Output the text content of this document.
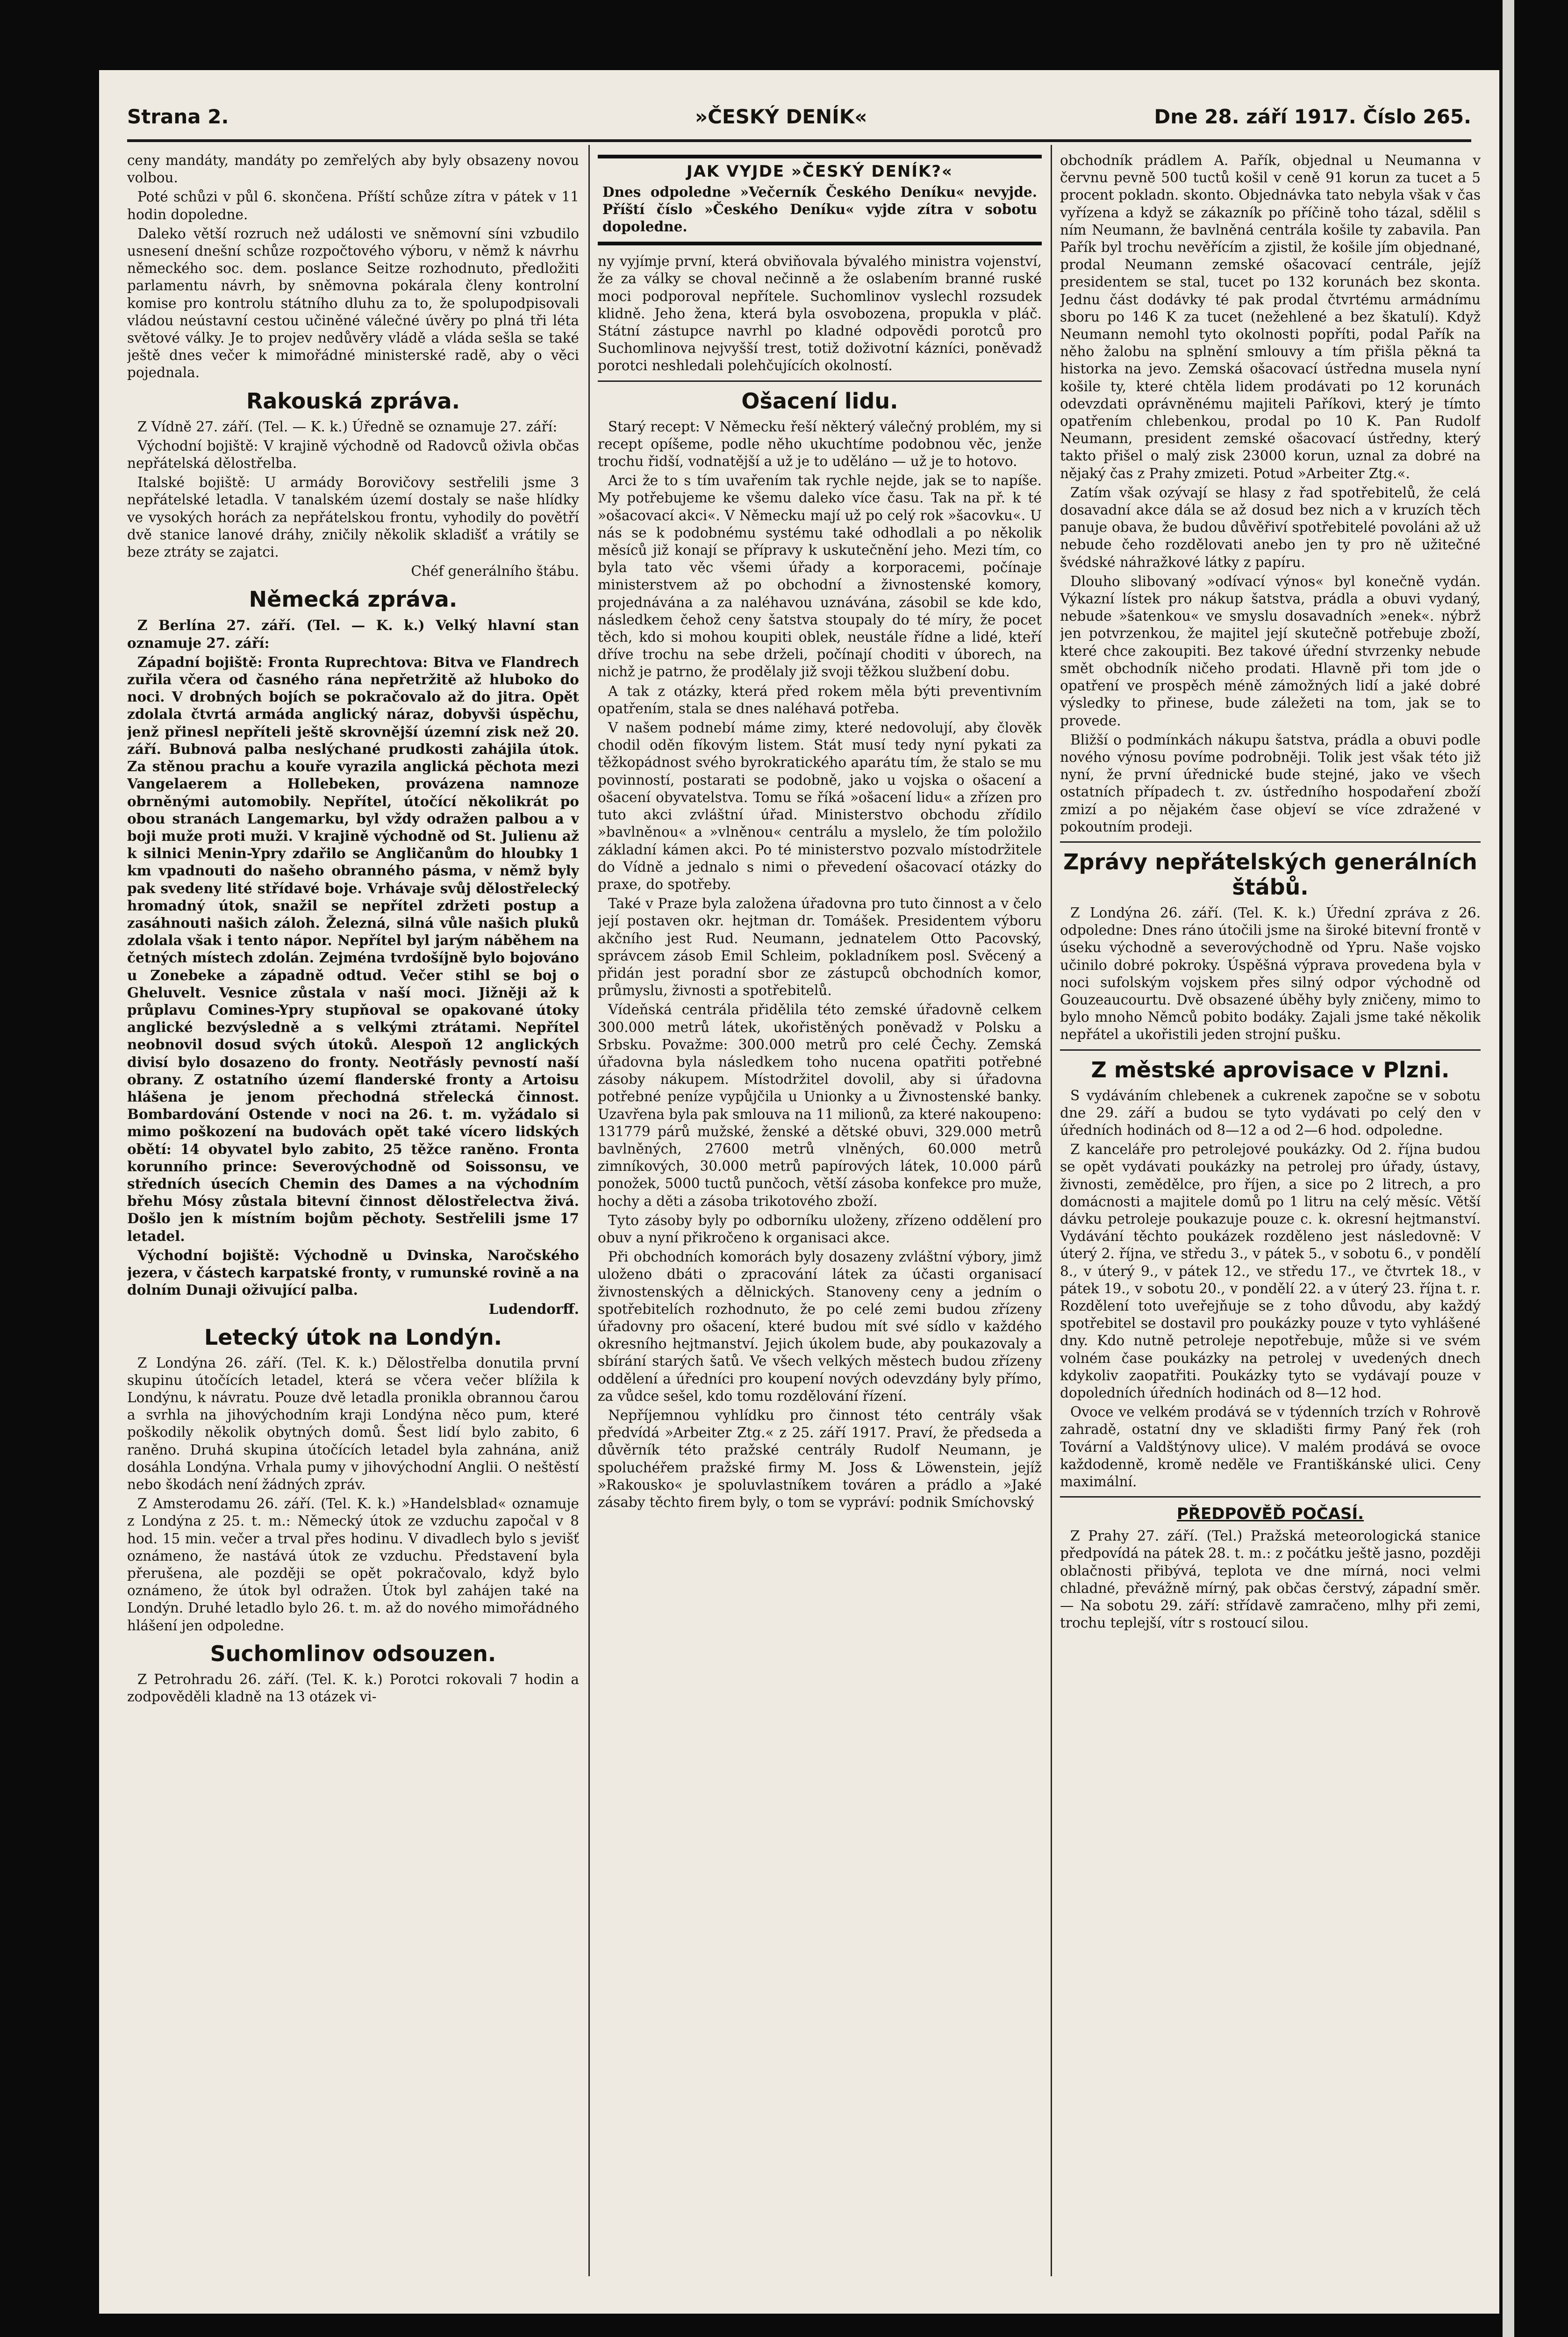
Strana 2.	»ČESKÝ DENÍK«	Dne 28. září 1917. Číslo 265.

ceny mandáty, mandáty po zemřelých aby byly obsazeny novou volbou.

Poté schůzi v půl 6. skončena. Příští schůze zítra v pátek v 11 hodin dopoledne.

Daleko větší rozruch než události ve sněmovní síni vzbudilo usnesení dnešní schůze rozpočtového výboru, v němž k návrhu německého soc. dem. poslance Seitze rozhodnuto, předložiti parlamentu návrh, by sněmovna pokárala členy kontrolní komise pro kontrolu státního dluhu za to, že spolupodpisovali vládou neústavní cestou učiněné válečné úvěry po plná tři léta světové války. Je to projev nedůvěry vládě a vláda sešla se také ještě dnes večer k mimořádné ministerské radě, aby o věci pojednala.

Rakouská zpráva.

Z Vídně 27. září. (Tel. — K. k.) Úředně se oznamuje 27. září:

Východní bojiště: V krajině východně od Radovců oživla občas nepřátelská dělostřelba.

Italské bojiště: U armády Borovičovy sestřelili jsme 3 nepřátelské letadla. V tanalském území dostaly se naše hlídky ve vysokých horách za nepřátelskou frontu, vyhodily do povětří dvě stanice lanové dráhy, zničily několik skladišť a vrátily se beze ztráty se zajatci.

Chéf generálního štábu.

Německá zpráva.

Z Berlína 27. září. (Tel. — K. k.) Velký hlavní stan oznamuje 27. září:

Západní bojiště: Fronta Ruprechtova: Bitva ve Flandrech zuřila včera od časného rána nepřetržitě až hluboko do noci. V drobných bojích se pokračovalo až do jitra. Opět zdolala čtvrtá armáda anglický náraz, dobyvši úspěchu, jenž přinesl nepříteli ještě skrovnější územní zisk než 20. září. Bubnová palba neslýchané prudkosti zahájila útok. Za stěnou prachu a kouře vyrazila anglická pěchota mezi Vangelaerem a Hollebeken, provázena namnoze obrněnými automobily. Nepřítel, útočící několikrát po obou stranách Langemarku, byl vždy odražen palbou a v boji muže proti muži. V krajině východně od St. Julienu až k silnici Menin-Ypry zdařilo se Angličanům do hloubky 1 km vpadnouti do našeho obranného pásma, v němž byly pak svedeny lité střídavé boje. Vrhávaje svůj dělostřelecký hromadný útok, snažil se nepřítel zdržeti postup a zasáhnouti našich záloh. Železná, silná vůle našich pluků zdolala však i tento nápor. Nepřítel byl jarým náběhem na četných místech zdolán. Zejména tvrdošíjně bylo bojováno u Zonebeke a západně odtud. Večer stihl se boj o Gheluvelt. Vesnice zůstala v naší moci. Jižněji až k průplavu Comines-Ypry stupňoval se opakované útoky anglické bezvýsledně a s velkými ztrátami. Nepřítel neobnovil dosud svých útoků. Alespoň 12 anglických divisí bylo dosazeno do fronty. Neotřásly pevností naší obrany. Z ostatního území flanderské fronty a Artoisu hlášena je jenom přechodná střelecká činnost. Bombardování Ostende v noci na 26. t. m. vyžádalo si mimo poškození na budovách opět také vícero lidských obětí: 14 obyvatel bylo zabito, 25 těžce raněno. Fronta korunního prince: Severovýchodně od Soissonsu, ve středních úsecích Chemin des Dames a na východním břehu Mósy zůstala bitevní činnost dělostřelectva živá. Došlo jen k místním bojům pěchoty. Sestřelili jsme 17 letadel.

Východní bojiště: Východně u Dvinska, Naročského jezera, v částech karpatské fronty, v rumunské rovině a na dolním Dunaji oživující palba.

Ludendorff.

Letecký útok na Londýn.

Z Londýna 26. září. (Tel. K. k.) Dělostřelba donutila první skupinu útočících letadel, která se včera večer blížila k Londýnu, k návratu. Pouze dvě letadla pronikla obrannou čarou a svrhla na jihovýchodním kraji Londýna něco pum, které poškodily několik obytných domů. Šest lidí bylo zabito, 6 raněno. Druhá skupina útočících letadel byla zahnána, aniž dosáhla Londýna. Vrhala pumy v jihovýchodní Anglii. O neštěstí nebo škodách není žádných zpráv.

Z Amsterodamu 26. září. (Tel. K. k.) »Handelsblad« oznamuje z Londýna z 25. t. m.: Německý útok ze vzduchu započal v 8 hod. 15 min. večer a trval přes hodinu. V divadlech bylo s jevišť oznámeno, že nastává útok ze vzduchu. Představení byla přerušena, ale později se opět pokračovalo, když bylo oznámeno, že útok byl odražen. Útok byl zahájen také na Londýn. Druhé letadlo bylo 26. t. m. až do nového mimořádného hlášení jen odpoledne.

Suchomlinov odsouzen.

Z Petrohradu 26. září. (Tel. K. k.) Porotci rokovali 7 hodin a zodpověděli kladně na 13 otázek vi-

JAK VYJDE »ČESKÝ DENÍK?«
Dnes odpoledne »Večerník Českého Deníku« nevyjde. Příští číslo »Českého Deníku« vyjde zítra v sobotu dopoledne.

ny vyjímje první, která obviňovala bývalého ministra vojenství, že za války se choval nečinně a že oslabením branné ruské moci podporoval nepřítele. Suchomlinov vyslechl rozsudek klidně. Jeho žena, která byla osvobozena, propukla v pláč. Státní zástupce navrhl po kladné odpovědi porotců pro Suchomlinova nejvyšší trest, totiž doživotní kázníci, poněvadž porotci neshledali polehčujících okolností.

Ošacení lidu.

Starý recept: V Německu řeší některý válečný problém, my si recept opíšeme, podle něho ukuchtíme podobnou věc, jenže trochu řidší, vodnatější a už je to uděláno — už je to hotovo.

Arci že to s tím uvařením tak rychle nejde, jak se to napíše. My potřebujeme ke všemu daleko více času. Tak na př. k té »ošacovací akci«. V Německu mají už po celý rok »šacovku«. U nás se k podobnému systému také odhodlali a po několik měsíců již konají se přípravy k uskutečnění jeho. Mezi tím, co byla tato věc všemi úřady a korporacemi, počínaje ministerstvem až po obchodní a živnostenské komory, projednávána a za naléhavou uznávána, zásobil se kde kdo, následkem čehož ceny šatstva stoupaly do té míry, že pocet těch, kdo si mohou koupiti oblek, neustále řídne a lidé, kteří dříve trochu na sebe drželi, počínají choditi v úborech, na nichž je patrno, že prodělaly již svoji těžkou službení dobu.

A tak z otázky, která před rokem měla býti preventivním opatřením, stala se dnes naléhavá potřeba.

V našem podnebí máme zimy, které nedovolují, aby člověk chodil oděn fíkovým listem. Stát musí tedy nyní pykati za těžkopádnost svého byrokratického aparátu tím, že stalo se mu povinností, postarati se podobně, jako u vojska o ošacení a ošacení obyvatelstva. Tomu se říká »ošacení lidu« a zřízen pro tuto akci zvláštní úřad. Ministerstvo obchodu zřídilo »bavlněnou« a »vlněnou« centrálu a myslelo, že tím položilo základní kámen akci. Po té ministerstvo pozvalo místodržitele do Vídně a jednalo s nimi o převedení ošacovací otázky do praxe, do spotřeby.

Také v Praze byla založena úřadovna pro tuto činnost a v čelo její postaven okr. hejtman dr. Tomášek. Presidentem výboru akčního jest Rud. Neumann, jednatelem Otto Pacovský, správcem zásob Emil Schleim, pokladníkem posl. Svěcený a přidán jest poradní sbor ze zástupců obchodních komor, průmyslu, živnosti a spotřebitelů.

Vídeňská centrála přidělila této zemské úřadovně celkem 300.000 metrů látek, ukořistěných poněvadž v Polsku a Srbsku. Považme: 300.000 metrů pro celé Čechy. Zemská úřadovna byla následkem toho nucena opatřiti potřebné zásoby nákupem. Místodržitel dovolil, aby si úřadovna potřebné peníze vypůjčila u Unionky a u Živnostenské banky. Uzavřena byla pak smlouva na 11 milionů, za které nakoupeno: 131779 párů mužské, ženské a dětské obuvi, 329.000 metrů bavlněných, 27600 metrů vlněných, 60.000 metrů zimníkových, 30.000 metrů papírových látek, 10.000 párů ponožek, 5000 tuctů punčoch, větší zásoba konfekce pro muže, hochy a děti a zásoba trikotového zboží.

Tyto zásoby byly po odborníku uloženy, zřízeno oddělení pro obuv a nyní přikročeno k organisaci akce.

Při obchodních komorách byly dosazeny zvláštní výbory, jimž uloženo dbáti o zpracování látek za účasti organisací živnostenských a dělnických. Stanoveny ceny a jedním o spotřebitelích rozhodnuto, že po celé zemi budou zřízeny úřadovny pro ošacení, které budou mít své sídlo v každého okresního hejtmanství. Jejich úkolem bude, aby poukazovaly a sbírání starých šatů. Ve všech velkých městech budou zřízeny oddělení a úředníci pro koupení nových odevzdány byly přímo, za vůdce sešel, kdo tomu rozdělování řízení.

Nepříjemnou vyhlídku pro činnost této centrály však předvídá »Arbeiter Ztg.« z 25. září 1917. Praví, že předseda a důvěrník této pražské centrály Rudolf Neumann, je spoluchéřem pražské firmy M. Joss & Löwenstein, jejíž »Rakousko« je spoluvlastníkem továren a prádlo a »Jaké zásaby těchto firem byly, o tom se vypráví: podnik Smíchovský

obchodník prádlem A. Pařík, objednal u Neumanna v červnu pevně 500 tuctů košil v ceně 91 korun za tucet a 5 procent pokladn. skonto. Objednávka tato nebyla však v čas vyřízena a když se zákazník po příčině toho tázal, sdělil s ním Neumann, že bavlněná centrála košile ty zabavila. Pan Pařík byl trochu nevěřícím a zjistil, že košile jím objednané, prodal Neumann zemské ošacovací centrále, jejíž presidentem se stal, tucet po 132 korunách bez skonta. Jednu část dodávky té pak prodal čtvrtému armádnímu sboru po 146 K za tucet (nežehlené a bez škatulí). Když Neumann nemohl tyto okolnosti popříti, podal Pařík na něho žalobu na splnění smlouvy a tím přišla pěkná ta historka na jevo. Zemská ošacovací ústředna musela nyní košile ty, které chtěla lidem prodávati po 12 korunách odevzdati oprávněnému majiteli Paříkovi, který je tímto opatřením chlebenkou, prodal po 10 K. Pan Rudolf Neumann, president zemské ošacovací ústředny, který takto přišel o malý zisk 23000 korun, uznal za dobré na nějaký čas z Prahy zmizeti. Potud »Arbeiter Ztg.«.

Zatím však ozývají se hlasy z řad spotřebitelů, že celá dosavadní akce dála se až dosud bez nich a v kruzích těch panuje obava, že budou důvěřiví spotřebitelé povoláni až už nebude čeho rozdělovati anebo jen ty pro ně užitečné švédské náhražkové látky z papíru.

Dlouho slibovaný »odívací výnos« byl konečně vydán. Výkazní lístek pro nákup šatstva, prádla a obuvi vydaný, nebude »šatenkou« ve smyslu dosavadních »enek«. nýbrž jen potvrzenkou, že majitel její skutečně potřebuje zboží, které chce zakoupiti. Bez takové úřední stvrzenky nebude smět obchodník ničeho prodati. Hlavně při tom jde o opatření ve prospěch méně zámožných lidí a jaké dobré výsledky to přinese, bude záležeti na tom, jak se to provede.

Bližší o podmínkách nákupu šatstva, prádla a obuvi podle nového výnosu povíme podrobněji. Tolik jest však této již nyní, že první úřednické bude stejné, jako ve všech ostatních případech t. zv. ústředního hospodaření zboží zmizí a po nějakém čase objeví se více zdražené v pokoutním prodeji.

Zprávy nepřátelských generálních štábů.

Z Londýna 26. září. (Tel. K. k.) Úřední zpráva z 26. odpoledne: Dnes ráno útočili jsme na široké bitevní frontě v úseku východně a severovýchodně od Ypru. Naše vojsko učinilo dobré pokroky. Úspěšná výprava provedena byla v noci sufolským vojskem přes silný odpor východně od Gouzeaucourtu. Dvě obsazené úběhy byly zničeny, mimo to bylo mnoho Němců pobito bodáky. Zajali jsme také několik nepřátel a ukořistili jeden strojní pušku.

Z městské aprovisace v Plzni.

S vydáváním chlebenek a cukrenek započne se v sobotu dne 29. září a budou se tyto vydávati po celý den v úředních hodinách od 8—12 a od 2—6 hod. odpoledne.

Z kanceláře pro petrolejové poukázky. Od 2. října budou se opět vydávati poukázky na petrolej pro úřady, ústavy, živnosti, zemědělce, pro říjen, a sice po 2 litrech, a pro domácnosti a majitele domů po 1 litru na celý měsíc. Větší dávku petroleje poukazuje pouze c. k. okresní hejtmanství. Vydávání těchto poukázek rozděleno jest následovně: V úterý 2. října, ve středu 3., v pátek 5., v sobotu 6., v pondělí 8., v úterý 9., v pátek 12., ve středu 17., ve čtvrtek 18., v pátek 19., v sobotu 20., v pondělí 22. a v úterý 23. října t. r. Rozdělení toto uveřejňuje se z toho důvodu, aby každý spotřebitel se dostavil pro poukázky pouze v tyto vyhlášené dny. Kdo nutně petroleje nepotřebuje, může si ve svém volném čase poukázky na petrolej v uvedených dnech kdykoliv zaopatřiti. Poukázky tyto se vydávají pouze v dopoledních úředních hodinách od 8—12 hod.

Ovoce ve velkém prodává se v týdenních trzích v Rohrově zahradě, ostatní dny ve skladišti firmy Paný řek (roh Tovární a Valdštýnovy ulice). V malém prodává se ovoce každodenně, kromě neděle ve Františkánské ulici. Ceny maximální.

PŘEDPOVĚĎ POČASÍ.

Z Prahy 27. září. (Tel.) Pražská meteorologická stanice předpovídá na pátek 28. t. m.: z počátku ještě jasno, později oblačnosti přibývá, teplota ve dne mírná, noci velmi chladné, převážně mírný, pak občas čerstvý, západní směr. — Na sobotu 29. září: střídavě zamračeno, mlhy při zemi, trochu teplejší, vítr s rostoucí silou.
